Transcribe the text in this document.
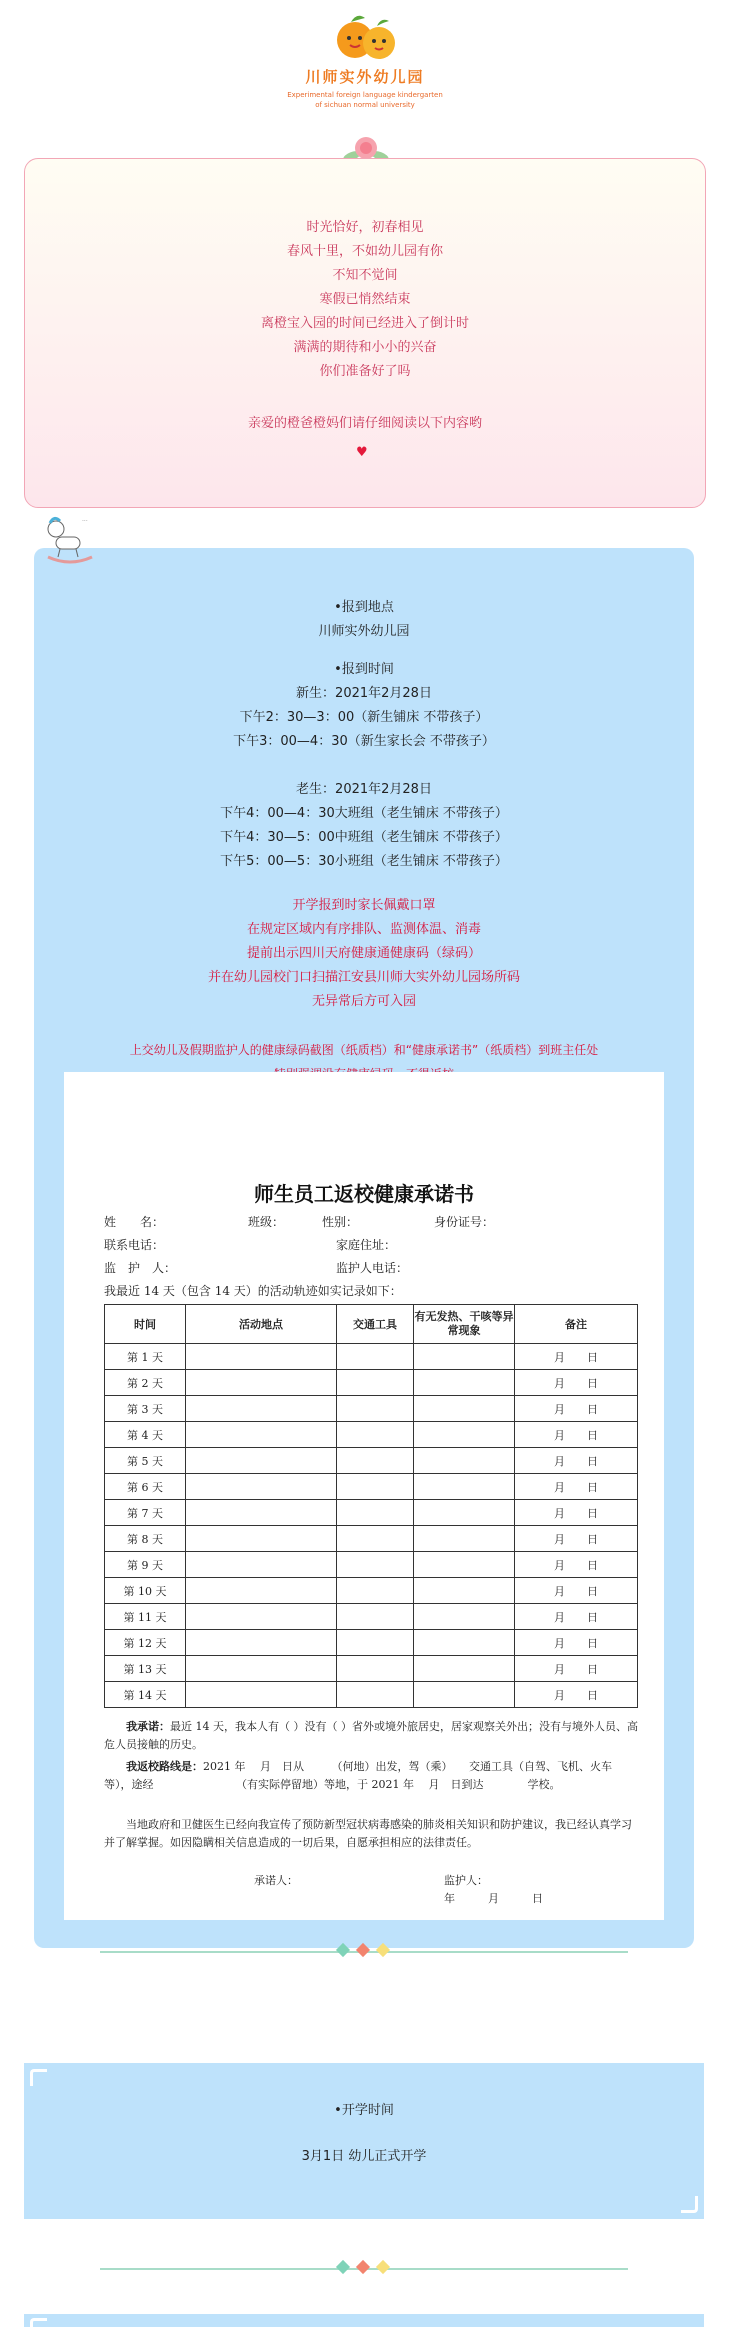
川师实外幼儿园
Experimental foreign language kindergarten
of sichuan normal university
时光恰好，初春相见
春风十里，不如幼儿园有你
不知不觉间
寒假已悄然结束
离橙宝入园的时间已经进入了倒计时
满满的期待和小小的兴奋
你们准备好了吗
亲爱的橙爸橙妈们请仔细阅读以下内容哟
♥
...
•报到地点
川师实外幼儿园
•报到时间
新生：2021年2月28日
下午2：30—3：00（新生铺床 不带孩子）
下午3：00—4：30（新生家长会 不带孩子）
老生：2021年2月28日
下午4：00—4：30大班组（老生铺床 不带孩子）
下午4：30—5：00中班组（老生铺床 不带孩子）
下午5：00—5：30小班组（老生铺床 不带孩子）
开学报到时家长佩戴口罩
在规定区域内有序排队、监测体温、消毒
提前出示四川天府健康通健康码（绿码）
并在幼儿园校门口扫描江安县川师大实外幼儿园场所码
无异常后方可入园
上交幼儿及假期监护人的健康绿码截图（纸质档）和“健康承诺书”（纸质档）到班主任处
师生员工返校健康承诺书
姓　　名：	班级：	性别：	身份证号：
联系电话：	家庭住址：
监　护　人：	监护人电话：
我最近 14 天（包含 14 天）的活动轨迹如实记录如下：
时间	活动地点	交通工具	有无发热、干咳等异常现象	备注
第 1 天				月　　日
第 2 天				月　　日
第 3 天				月　　日
第 4 天				月　　日
第 5 天				月　　日
第 6 天				月　　日
第 7 天				月　　日
第 8 天				月　　日
第 9 天				月　　日
第 10 天				月　　日
第 11 天				月　　日
第 12 天				月　　日
第 13 天				月　　日
第 14 天				月　　日
我承诺：最近 14 天，我本人有（ ）没有（ ）省外或境外旅居史，居家观察关外出；没有与境外人员、高危人员接触的历史。
我返校路线是：2021 年　 月　日从　　　（何地）出发，驾（乘）　　交通工具（自驾、飞机、火车等），途经　　　　　　　　（有实际停留地）等地，于 2021 年　 月　日到达　　　　学校。
当地政府和卫健医生已经向我宣传了预防新型冠状病毒感染的肺炎相关知识和防护建议，我已经认真学习并了解掌握。如因隐瞒相关信息造成的一切后果，自愿承担相应的法律责任。
承诺人：	监护人：
年　　　月　　　日
•开学时间
3月1日 幼儿正式开学
